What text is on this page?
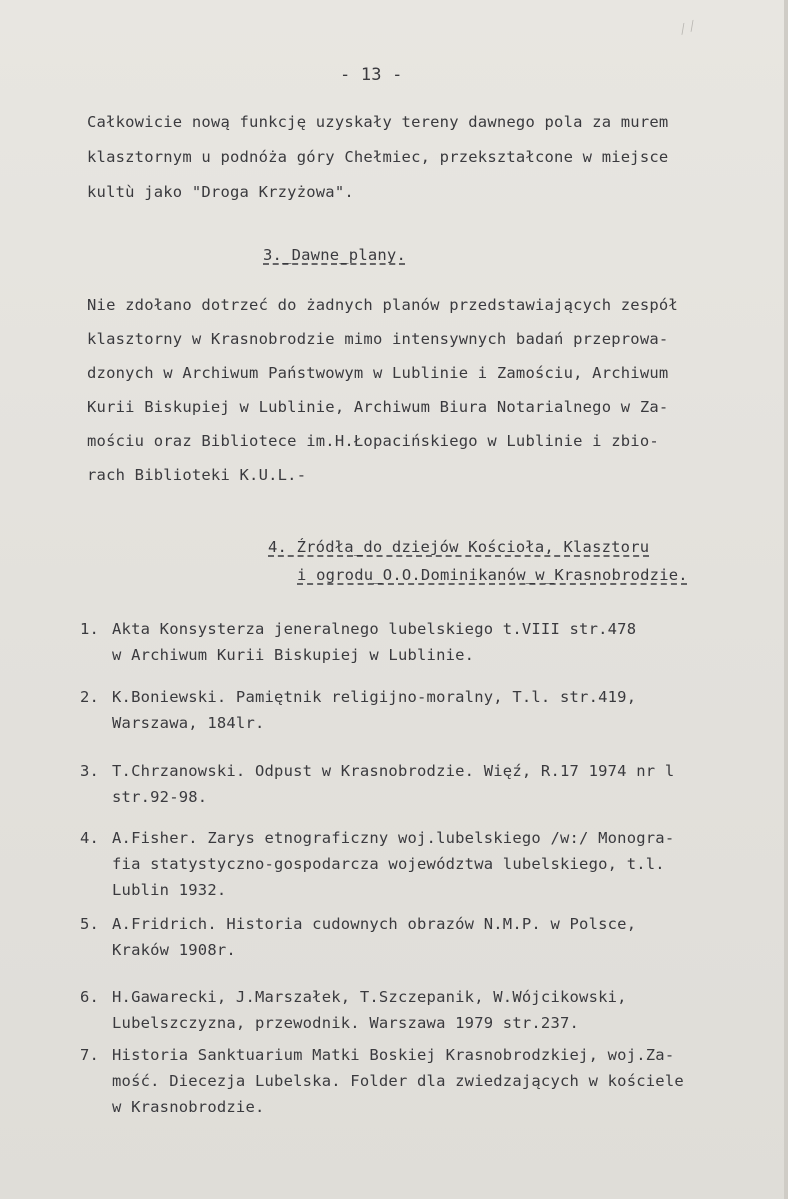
⁄⁄
- 13 -
Całkowicie nową funkcję uzyskały tereny dawnego pola za murem
klasztornym u podnóża góry Chełmiec, przekształcone w miejsce
kultù jako "Droga Krzyżowa".
3._Dawne_plany.
Nie zdołano dotrzeć do żadnych planów przedstawiających zespół
klasztorny w Krasnobrodzie mimo intensywnych badań przeprowa-
dzonych w Archiwum Państwowym w Lublinie i Zamościu, Archiwum
Kurii Biskupiej w Lublinie, Archiwum Biura Notarialnego w Za-
mościu oraz Bibliotece im.H.Łopacińskiego w Lublinie i zbio-
rach Biblioteki K.U.L.-
4. Źródła_do dziejów Kościoła, Klasztoru
i ogrodu_O.O.Dominikanów_w_Krasnobrodzie.
1. Akta Konsysterza jeneralnego lubelskiego t.VIII str.478
w Archiwum Kurii Biskupiej w Lublinie.
2. K.Boniewski. Pamiętnik religijno-moralny, T.l. str.419,
Warszawa, 184lr.
3. T.Chrzanowski. Odpust w Krasnobrodzie. Więź, R.17 1974 nr l
str.92-98.
4. A.Fisher. Zarys etnograficzny woj.lubelskiego /w:/ Monogra-
fia statystyczno-gospodarcza województwa lubelskiego, t.l.
Lublin 1932.
5. A.Fridrich. Historia cudownych obrazów N.M.P. w Polsce,
Kraków 1908r.
6. H.Gawarecki, J.Marszałek, T.Szczepanik, W.Wójcikowski,
Lubelszczyzna, przewodnik. Warszawa 1979 str.237.
7. Historia Sanktuarium Matki Boskiej Krasnobrodzkiej, woj.Za-
mość. Diecezja Lubelska. Folder dla zwiedzających w kościele
w Krasnobrodzie.
